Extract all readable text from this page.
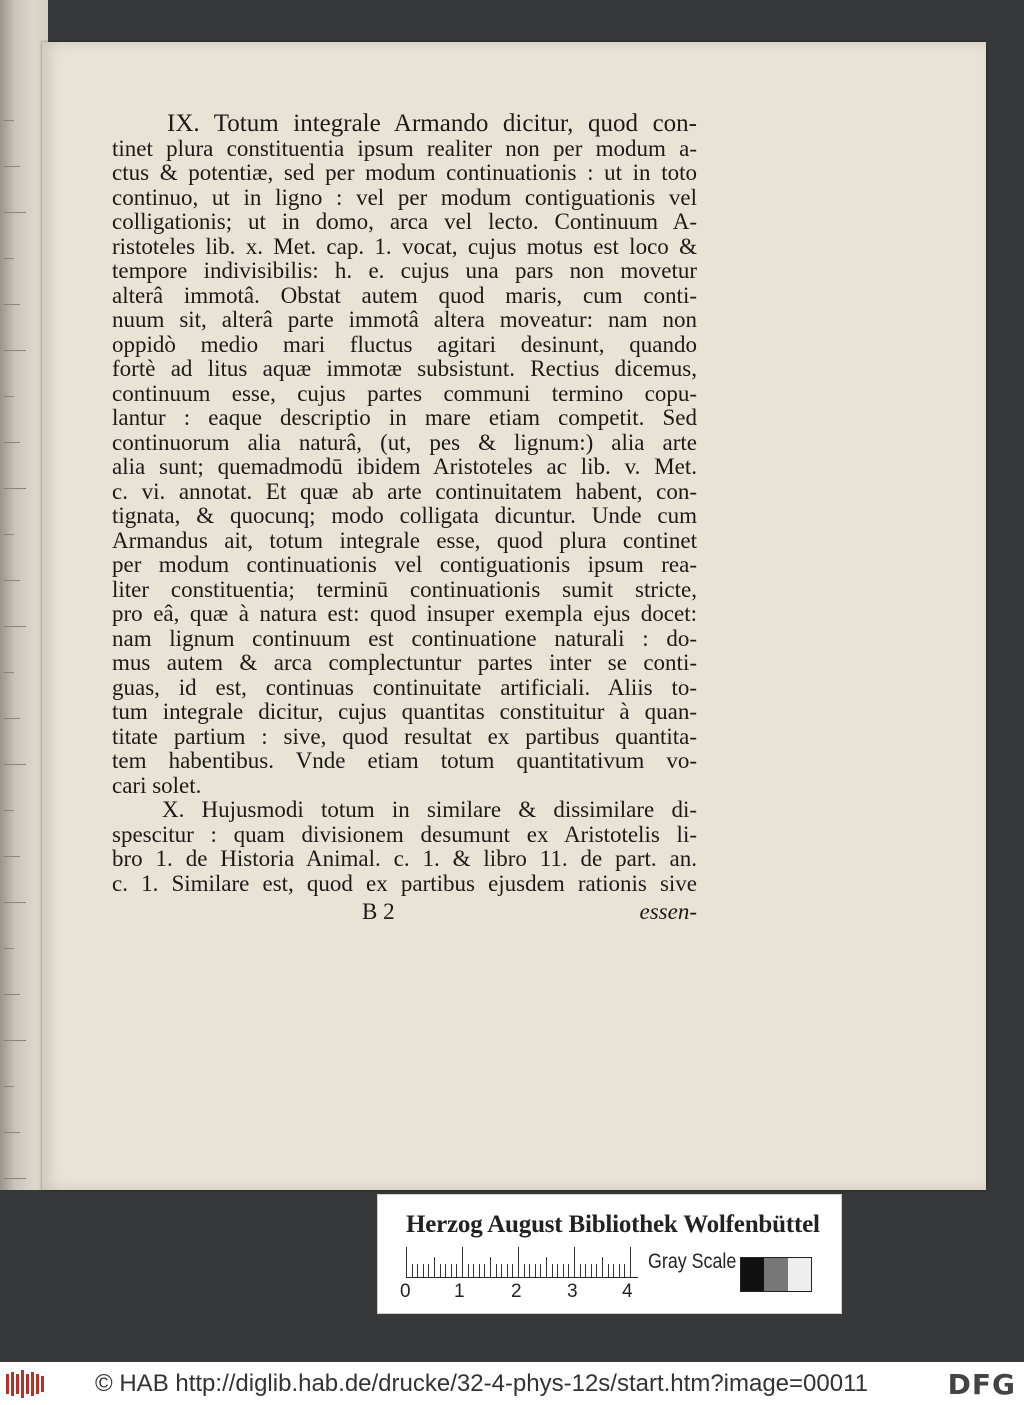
IX. Totum integrale Armando dicitur, quod con-
tinet plura constituentia ipsum realiter non per modum a-
ctus & potentiæ, sed per modum continuationis : ut in toto
continuo, ut in ligno : vel per modum contiguationis vel
colligationis; ut in domo, arca vel lecto. Continuum A-
ristoteles lib. x. Met. cap. 1. vocat, cujus motus est loco &
tempore indivisibilis: h. e. cujus una pars non movetur
alterâ immotâ. Obstat autem quod maris, cum conti-
nuum sit, alterâ parte immotâ altera moveatur: nam non
oppidò medio mari fluctus agitari desinunt, quando
fortè ad litus aquæ immotæ subsistunt. Rectius dicemus,
continuum esse, cujus partes communi termino copu-
lantur : eaque descriptio in mare etiam competit. Sed
continuorum alia naturâ, (ut, pes & lignum:) alia arte
alia sunt; quemadmodū ibidem Aristoteles ac lib. v. Met.
c. vi. annotat. Et quæ ab arte continuitatem habent, con-
tignata, & quocunq; modo colligata dicuntur. Unde cum
Armandus ait, totum integrale esse, quod plura continet
per modum continuationis vel contiguationis ipsum rea-
liter constituentia; terminū continuationis sumit stricte,
pro eâ, quæ à natura est: quod insuper exempla ejus docet:
nam lignum continuum est continuatione naturali : do-
mus autem & arca complectuntur partes inter se conti-
guas, id est, continuas continuitate artificiali. Aliis to-
tum integrale dicitur, cujus quantitas constituitur à quan-
titate partium : sive, quod resultat ex partibus quantita-
tem habentibus. Vnde etiam totum quantitativum vo-
cari solet.
X. Hujusmodi totum in similare & dissimilare di-
spescitur : quam divisionem desumunt ex Aristotelis li-
bro 1. de Historia Animal. c. 1. & libro 11. de part. an.
c. 1. Similare est, quod ex partibus ejusdem rationis sive
B 2	essen-
Herzog August Bibliothek Wolfenbüttel
0 1 2 3 4
Gray Scale
© HAB http://diglib.hab.de/drucke/32-4-phys-12s/start.htm?image=00011	DFG
